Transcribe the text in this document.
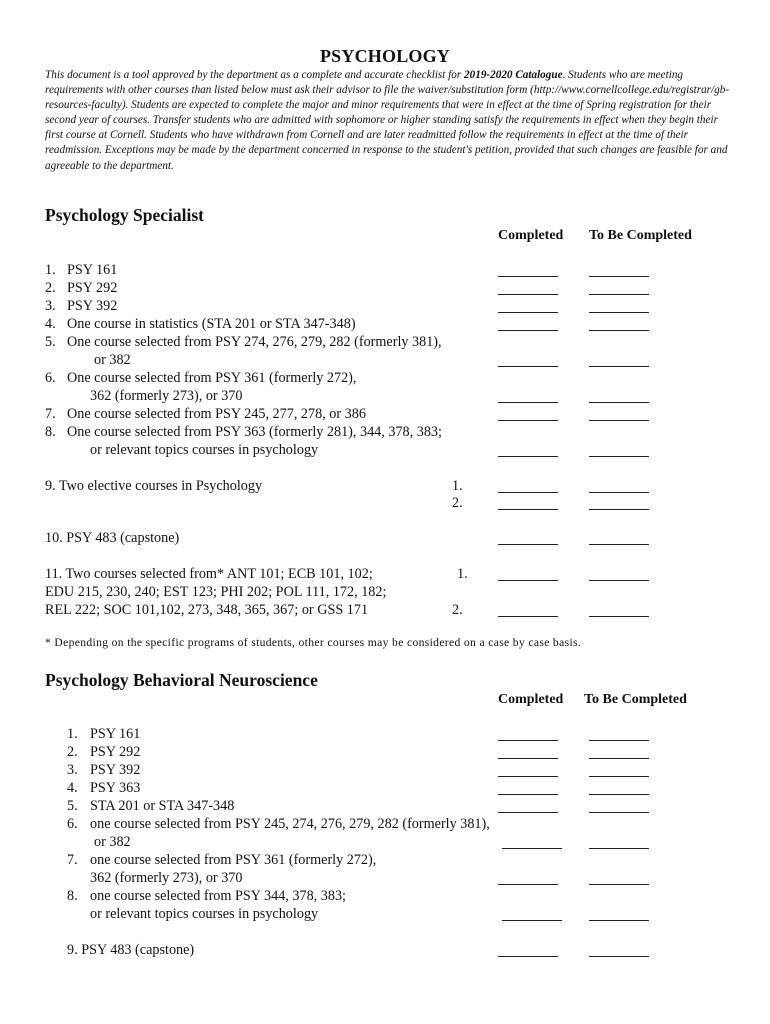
PSYCHOLOGY
This document is a tool approved by the department as a complete and accurate checklist for 2019-2020 Catalogue. Students who are meeting requirements with other courses than listed below must ask their advisor to file the waiver/substitution form (http://www.cornellcollege.edu/registrar/gb-resources-faculty). Students are expected to complete the major and minor requirements that were in effect at the time of Spring registration for their second year of courses. Transfer students who are admitted with sophomore or higher standing satisfy the requirements in effect when they begin their first course at Cornell. Students who have withdrawn from Cornell and are later readmitted follow the requirements in effect at the time of their readmission. Exceptions may be made by the department concerned in response to the student's petition, provided that such changes are feasible for and agreeable to the department.
Psychology Specialist
Completed To Be Completed
1. PSY 161
2. PSY 292
3. PSY 392
4. One course in statistics (STA 201 or STA 347-348)
5. One course selected from PSY 274, 276, 279, 282 (formerly 381),
or 382
6. One course selected from PSY 361 (formerly 272),
362 (formerly 273), or 370
7. One course selected from PSY 245, 277, 278, or 386
8. One course selected from PSY 363 (formerly 281), 344, 378, 383;
or relevant topics courses in psychology
9. Two elective courses in Psychology	1.
2.
10. PSY 483 (capstone)
11. Two courses selected from* ANT 101; ECB 101, 102;	1.
EDU 215, 230, 240; EST 123; PHI 202; POL 111, 172, 182;
REL 222; SOC 101,102, 273, 348, 365, 367; or GSS 171	2.
* Depending on the specific programs of students, other courses may be considered on a case by case basis.
Psychology Behavioral Neuroscience
Completed To Be Completed
1. PSY 161
2. PSY 292
3. PSY 392
4. PSY 363
5. STA 201 or STA 347-348
6. one course selected from PSY 245, 274, 276, 279, 282 (formerly 381),
or 382
7. one course selected from PSY 361 (formerly 272),
362 (formerly 273), or 370
8. one course selected from PSY 344, 378, 383;
or relevant topics courses in psychology
9. PSY 483 (capstone)
